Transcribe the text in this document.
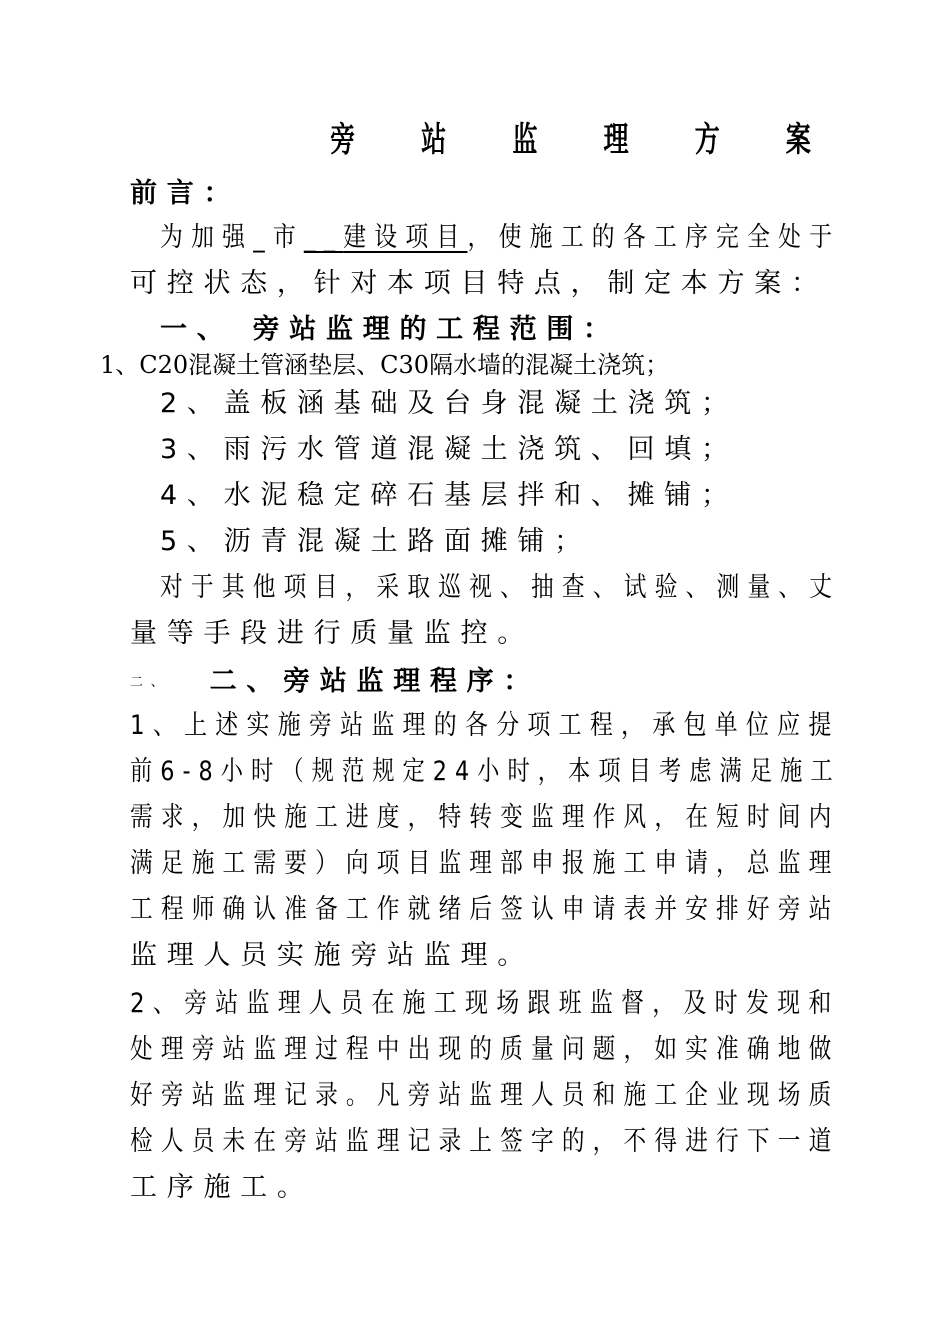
旁 站 监 理 方 案
前言：
为加强_市__建设项目，使施工的各工序完全处于
可控状态，针对本项目特点，制定本方案：
一、 旁站监理的工程范围：
1、C20混凝土管涵垫层、C30隔水墙的混凝土浇筑；
2、盖板涵基础及台身混凝土浇筑；
3、雨污水管道混凝土浇筑、回填；
4、水泥稳定碎石基层拌和、摊铺；
5、沥青混凝土路面摊铺；
对于其他项目，采取巡视、抽查、试验、测量、丈
量等手段进行质量监控。
二、 二、旁站监理程序：
1、上述实施旁站监理的各分项工程，承包单位应提
前6-8小时（规范规定24小时，本项目考虑满足施工
需求，加快施工进度，特转变监理作风，在短时间内
满足施工需要）向项目监理部申报施工申请，总监理
工程师确认准备工作就绪后签认申请表并安排好旁站
监理人员实施旁站监理。
2、旁站监理人员在施工现场跟班监督，及时发现和
处理旁站监理过程中出现的质量问题，如实准确地做
好旁站监理记录。凡旁站监理人员和施工企业现场质
检人员未在旁站监理记录上签字的，不得进行下一道
工序施工。
